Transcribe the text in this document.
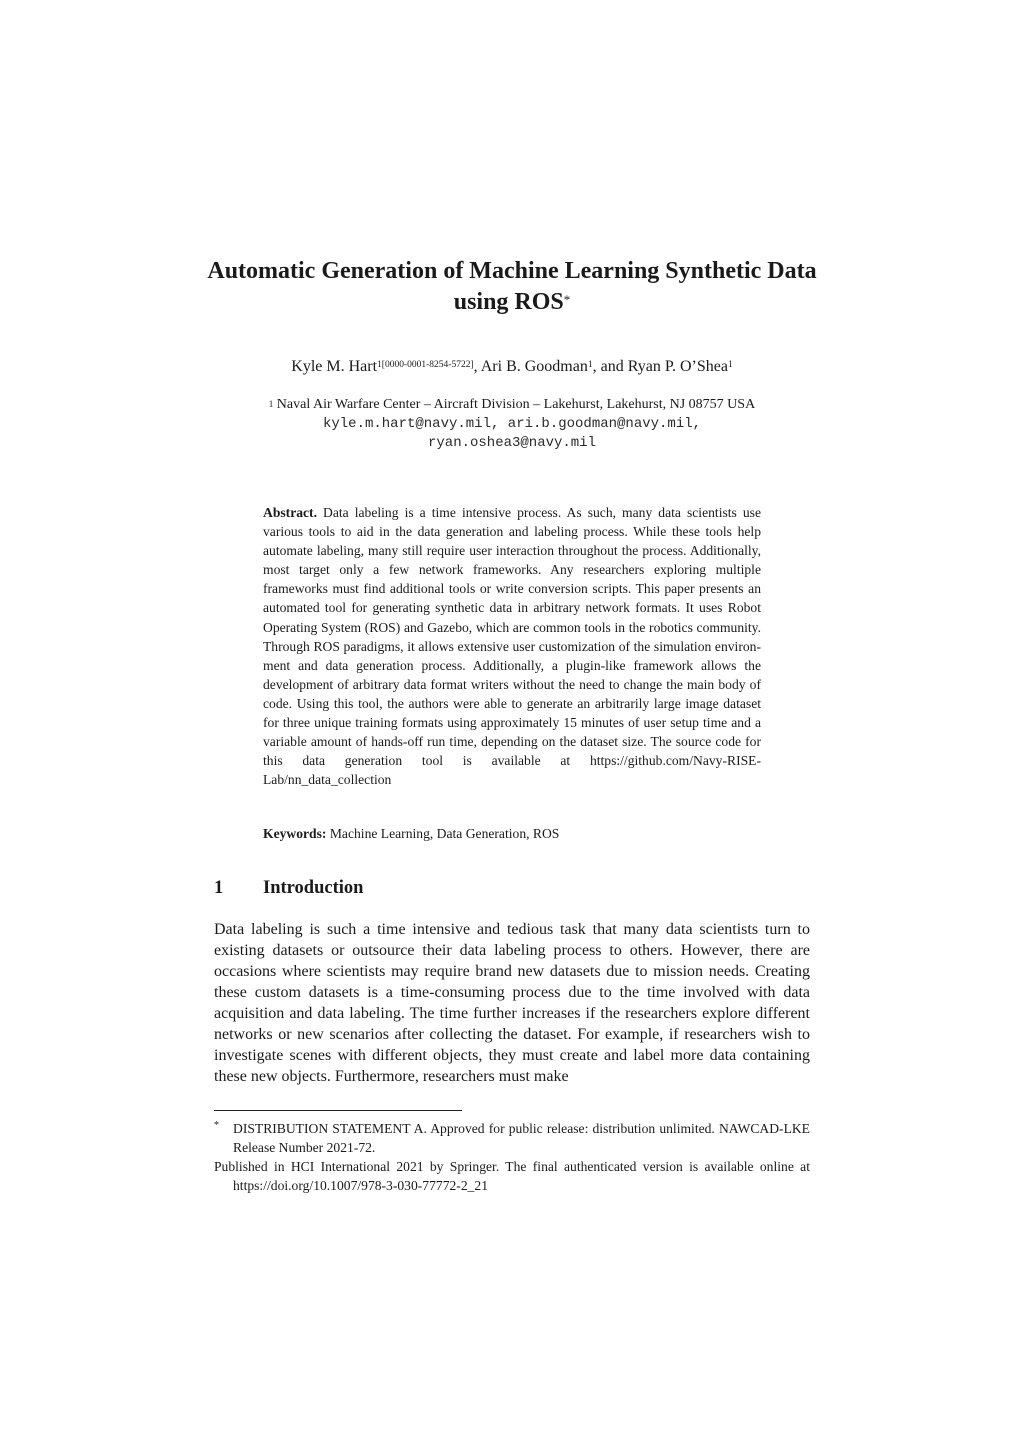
Automatic Generation of Machine Learning Synthetic Data using ROS*
Kyle M. Hart$^{1[0000-0001-8254-5722]}$, Ari B. Goodman$^1$, and Ryan P. O’Shea$^1$
$^1$ Naval Air Warfare Center – Aircraft Division – Lakehurst, Lakehurst, NJ 08757 USA
kyle.m.hart@navy.mil, ari.b.goodman@navy.mil, ryan.oshea3@navy.mil

Abstract. Data labeling is a time intensive process. As such, many data scientists use various tools to aid in the data generation and labeling process. While these tools help automate labeling, many still require user interaction throughout the process. Additionally, most target only a few network frameworks. Any researchers exploring multiple frameworks must find additional tools or write conversion scripts. This paper presents an automated tool for generating synthetic data in arbitrary network formats. It uses Robot Operating System (ROS) and Gazebo, which are common tools in the robotics community. Through ROS paradigms, it allows extensive user customization of the simulation environment and data generation process. Additionally, a plugin-like framework allows the development of arbitrary data format writers without the need to change the main body of code. Using this tool, the authors were able to generate an arbitrarily large image dataset for three unique training formats using approximately 15 minutes of user setup time and a variable amount of hands-off run time, depending on the dataset size. The source code for this data generation tool is available at https://github.com/Navy-RISE-Lab/nn_data_collection

Keywords: Machine Learning, Data Generation, ROS

1 Introduction

Data labeling is such a time intensive and tedious task that many data scientists turn to existing datasets or outsource their data labeling process to others. However, there are occasions where scientists may require brand new datasets due to mission needs. Creating these custom datasets is a time-consuming process due to the time involved with data acquisition and data labeling. The time further increases if the researchers explore different networks or new scenarios after collecting the dataset. For example, if researchers wish to investigate scenes with different objects, they must create and label more data containing these new objects. Furthermore, researchers must make

* DISTRIBUTION STATEMENT A. Approved for public release: distribution unlimited. NAWCAD-LKE Release Number 2021-72.

Published in HCI International 2021 by Springer. The final authenticated version is available online at https://doi.org/10.1007/978-3-030-77772-2_21
